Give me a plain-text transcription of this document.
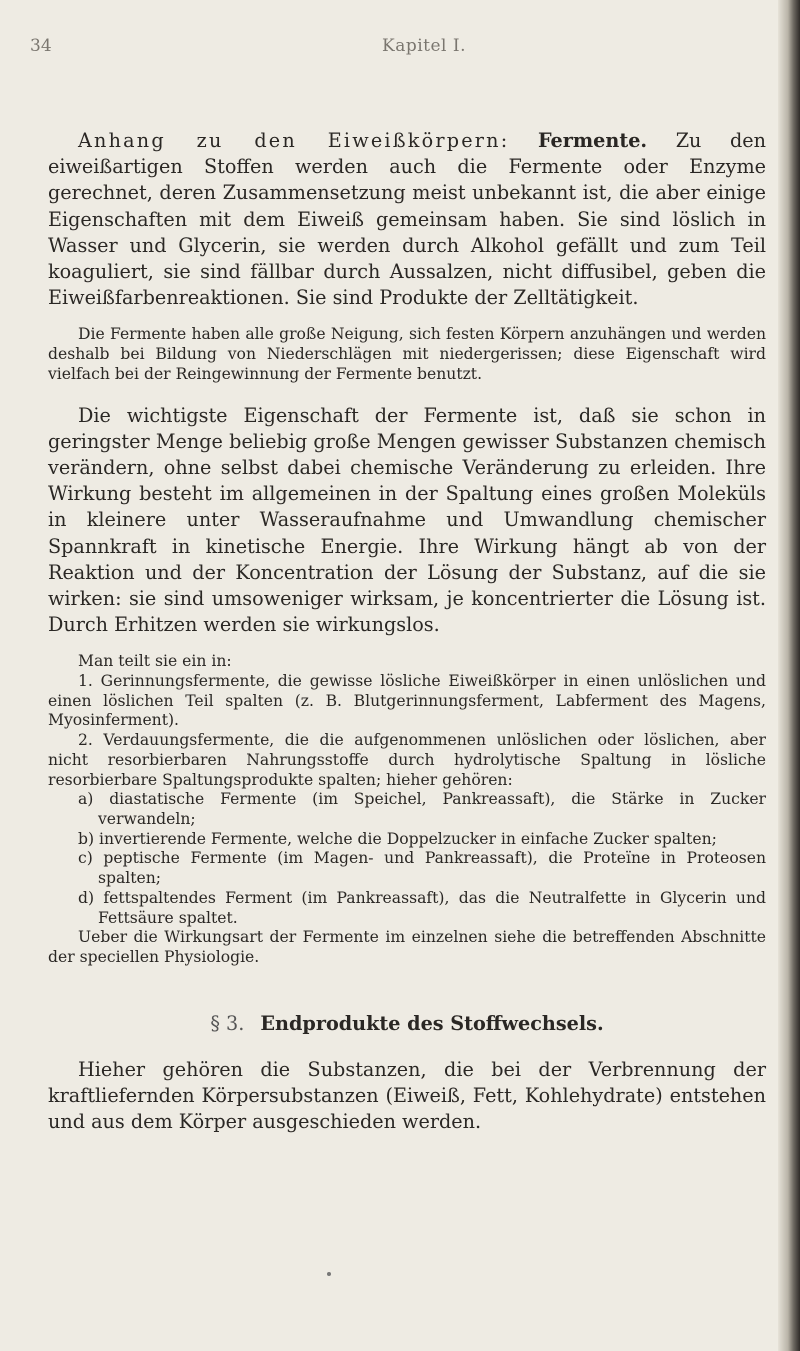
34	Kapitel I.

Anhang zu den Eiweißkörpern: Fermente. Zu den eiweißartigen Stoffen werden auch die Fermente oder Enzyme gerechnet, deren Zusammensetzung meist unbekannt ist, die aber einige Eigenschaften mit dem Eiweiß gemeinsam haben. Sie sind löslich in Wasser und Glycerin, sie werden durch Alkohol gefällt und zum Teil koaguliert, sie sind fällbar durch Aussalzen, nicht diffusibel, geben die Eiweißfarbenreaktionen. Sie sind Produkte der Zelltätigkeit.

Die Fermente haben alle große Neigung, sich festen Körpern anzuhängen und werden deshalb bei Bildung von Niederschlägen mit niedergerissen; diese Eigenschaft wird vielfach bei der Reingewinnung der Fermente benutzt.

Die wichtigste Eigenschaft der Fermente ist, daß sie schon in geringster Menge beliebig große Mengen gewisser Substanzen chemisch verändern, ohne selbst dabei chemische Veränderung zu erleiden. Ihre Wirkung besteht im allgemeinen in der Spaltung eines großen Moleküls in kleinere unter Wasseraufnahme und Umwandlung chemischer Spannkraft in kinetische Energie. Ihre Wirkung hängt ab von der Reaktion und der Koncentration der Lösung der Substanz, auf die sie wirken: sie sind umsoweniger wirksam, je koncentrierter die Lösung ist. Durch Erhitzen werden sie wirkungslos.

Man teilt sie ein in:

1. Gerinnungsfermente, die gewisse lösliche Eiweißkörper in einen unlöslichen und einen löslichen Teil spalten (z. B. Blutgerinnungsferment, Labferment des Magens, Myosinferment).

2. Verdauungsfermente, die die aufgenommenen unlöslichen oder löslichen, aber nicht resorbierbaren Nahrungsstoffe durch hydrolytische Spaltung in lösliche resorbierbare Spaltungsprodukte spalten; hieher gehören:

a) diastatische Fermente (im Speichel, Pankreassaft), die Stärke in Zucker verwandeln;

b) invertierende Fermente, welche die Doppelzucker in einfache Zucker spalten;

c) peptische Fermente (im Magen- und Pankreassaft), die Proteïne in Proteosen spalten;

d) fettspaltendes Ferment (im Pankreassaft), das die Neutralfette in Glycerin und Fettsäure spaltet.

Ueber die Wirkungsart der Fermente im einzelnen siehe die betreffenden Abschnitte der speciellen Physiologie.

§ 3. Endprodukte des Stoffwechsels.

Hieher gehören die Substanzen, die bei der Verbrennung der kraftliefernden Körpersubstanzen (Eiweiß, Fett, Kohlehydrate) entstehen und aus dem Körper ausgeschieden werden.
